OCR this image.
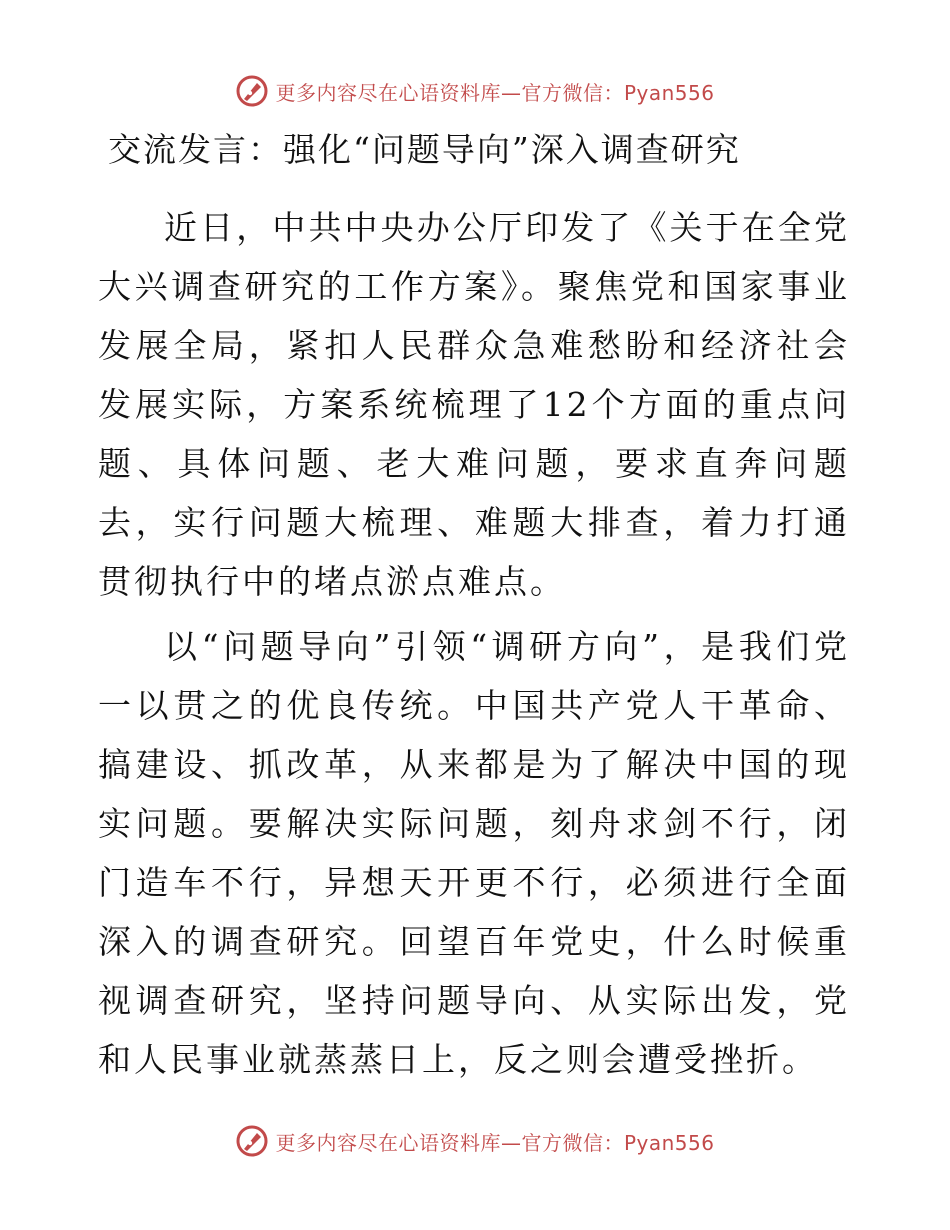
更多内容尽在心语资料库—官方微信：Pyan556
交流发言：强化“问题导向”深入调查研究

近日，中共中央办公厅印发了《关于在全党大兴调查研究的工作方案》。聚焦党和国家事业发展全局，紧扣人民群众急难愁盼和经济社会发展实际，方案系统梳理了12个方面的重点问题、具体问题、老大难问题，要求直奔问题去，实行问题大梳理、难题大排查，着力打通贯彻执行中的堵点淤点难点。

以“问题导向”引领“调研方向”，是我们党一以贯之的优良传统。中国共产党人干革命、搞建设、抓改革，从来都是为了解决中国的现实问题。要解决实际问题，刻舟求剑不行，闭门造车不行，异想天开更不行，必须进行全面深入的调查研究。回望百年党史，什么时候重视调查研究，坚持问题导向、从实际出发，党和人民事业就蒸蒸日上，反之则会遭受挫折。

更多内容尽在心语资料库—官方微信：Pyan556
